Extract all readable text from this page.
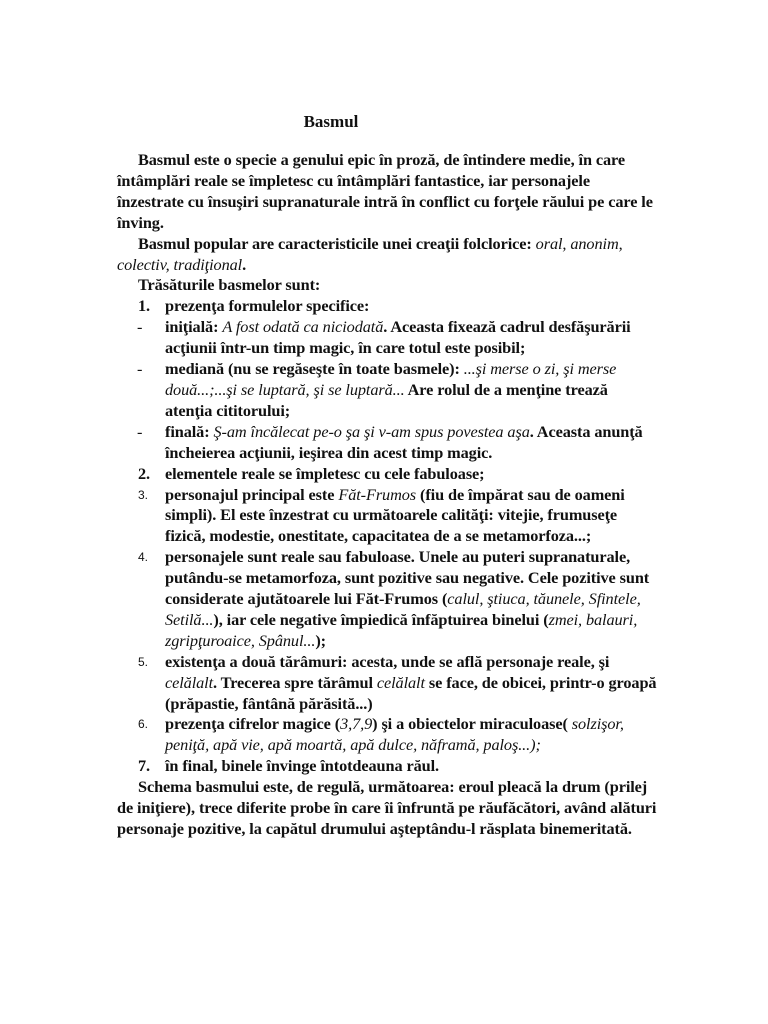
Basmul

Basmul este o specie a genului epic în proză, de întindere medie, în care întâmplări reale se împletesc cu întâmplări fantastice, iar personajele înzestrate cu însuşiri supranaturale intră în conflict cu forţele răului pe care le înving.

Basmul popular are caracteristicile unei creaţii folclorice: oral, anonim, colectiv, tradiţional.

Trăsăturile basmelor sunt:

1. prezenţa formulelor specifice:
-	iniţială: A fost odată ca niciodată. Aceasta fixează cadrul desfăşurării acţiunii într-un timp magic, în care totul este posibil;
-	mediană (nu se regăseşte în toate basmele): ...şi merse o zi, şi merse două...;...şi se luptară, şi se luptară... Are rolul de a menţine trează atenţia cititorului;
-	finală: Ş-am încălecat pe-o şa şi v-am spus povestea aşa. Aceasta anunţă încheierea acţiunii, ieşirea din acest timp magic.
2. elementele reale se împletesc cu cele fabuloase;
3.	personajul principal este Făt-Frumos (fiu de împărat sau de oameni simpli). El este înzestrat cu următoarele calităţi: vitejie, frumuseţe fizică, modestie, onestitate, capacitatea de a se metamorfoza...;
4.	personajele sunt reale sau fabuloase. Unele au puteri supranaturale, putându-se metamorfoza, sunt pozitive sau negative. Cele pozitive sunt considerate ajutătoarele lui Făt-Frumos (calul, ştiuca, tăunele, Sfintele, Setilă...), iar cele negative împiedică înfăptuirea binelui (zmei, balauri, zgripţuroaice, Spânul...);
5.	existenţa a două tărâmuri: acesta, unde se află personaje reale, şi celălalt. Trecerea spre tărâmul celălalt se face, de obicei, printr-o groapă (prăpastie, fântână părăsită...)
6.	prezenţa cifrelor magice (3,7,9) şi a obiectelor miraculoase( solzişor, peniţă, apă vie, apă moartă, apă dulce, năframă, paloş...);
7. în final, binele învinge întotdeauna răul.

Schema basmului este, de regulă, următoarea: eroul pleacă la drum (prilej de iniţiere), trece diferite probe în care îi înfruntă pe răufăcători, având alături personaje pozitive, la capătul drumului aşteptându-l răsplata binemeritată.
